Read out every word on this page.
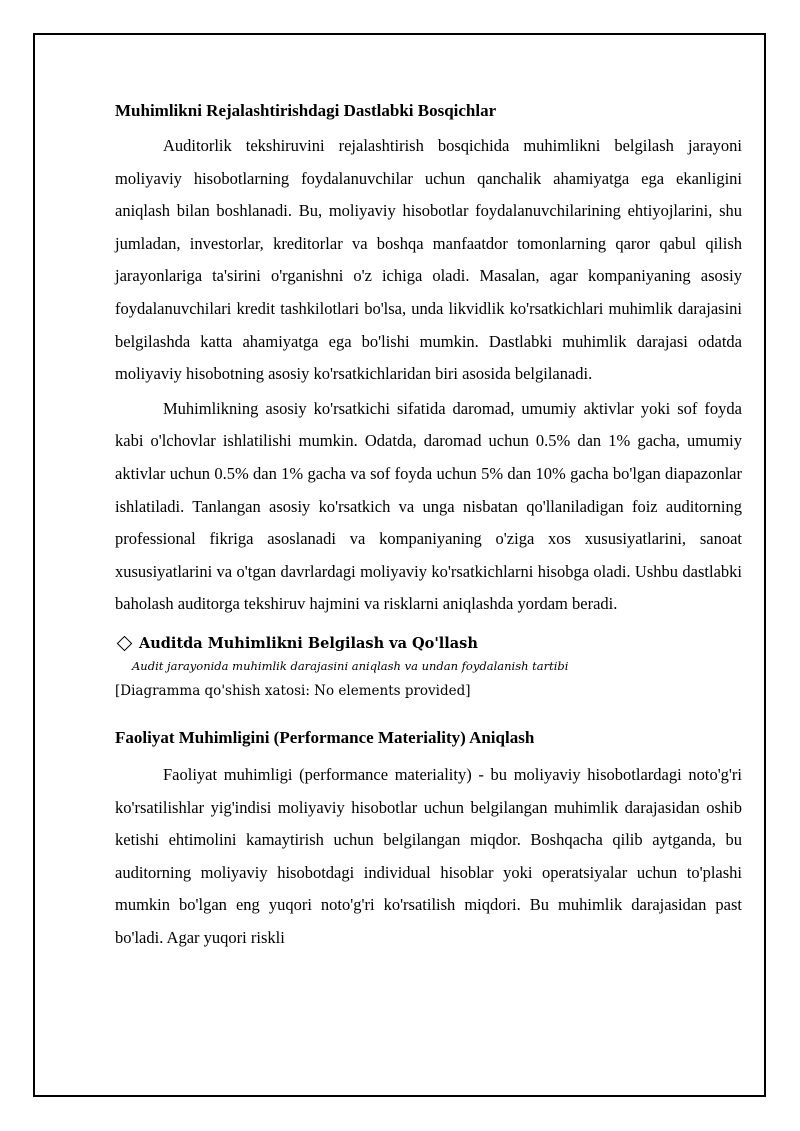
Muhimlikni Rejalashtirishdagi Dastlabki Bosqichlar

Auditorlik tekshiruvini rejalashtirish bosqichida muhimlikni belgilash jarayoni moliyaviy hisobotlarning foydalanuvchilar uchun qanchalik ahamiyatga ega ekanligini aniqlash bilan boshlanadi. Bu, moliyaviy hisobotlar foydalanuvchilarining ehtiyojlarini, shu jumladan, investorlar, kreditorlar va boshqa manfaatdor tomonlarning qaror qabul qilish jarayonlariga ta'sirini o'rganishni o'z ichiga oladi. Masalan, agar kompaniyaning asosiy foydalanuvchilari kredit tashkilotlari bo'lsa, unda likvidlik ko'rsatkichlari muhimlik darajasini belgilashda katta ahamiyatga ega bo'lishi mumkin. Dastlabki muhimlik darajasi odatda moliyaviy hisobotning asosiy ko'rsatkichlaridan biri asosida belgilanadi.

Muhimlikning asosiy ko'rsatkichi sifatida daromad, umumiy aktivlar yoki sof foyda kabi o'lchovlar ishlatilishi mumkin. Odatda, daromad uchun 0.5% dan 1% gacha, umumiy aktivlar uchun 0.5% dan 1% gacha va sof foyda uchun 5% dan 10% gacha bo'lgan diapazonlar ishlatiladi. Tanlangan asosiy ko'rsatkich va unga nisbatan qo'llaniladigan foiz auditorning professional fikriga asoslanadi va kompaniyaning o'ziga xos xususiyatlarini, sanoat xususiyatlarini va o'tgan davrlardagi moliyaviy ko'rsatkichlarni hisobga oladi. Ushbu dastlabki baholash auditorga tekshiruv hajmini va risklarni aniqlashda yordam beradi.

Auditda Muhimlikni Belgilash va Qo'llash
Audit jarayonida muhimlik darajasini aniqlash va undan foydalanish tartibi
[Diagramma qo'shish xatosi: No elements provided]
Faoliyat Muhimligini (Performance Materiality) Aniqlash

Faoliyat muhimligi (performance materiality) - bu moliyaviy hisobotlardagi noto'g'ri ko'rsatilishlar yig'indisi moliyaviy hisobotlar uchun belgilangan muhimlik darajasidan oshib ketishi ehtimolini kamaytirish uchun belgilangan miqdor. Boshqacha qilib aytganda, bu auditorning moliyaviy hisobotdagi individual hisoblar yoki operatsiyalar uchun to'plashi mumkin bo'lgan eng yuqori noto'g'ri ko'rsatilish miqdori. Bu muhimlik darajasidan past bo'ladi. Agar yuqori riskli
